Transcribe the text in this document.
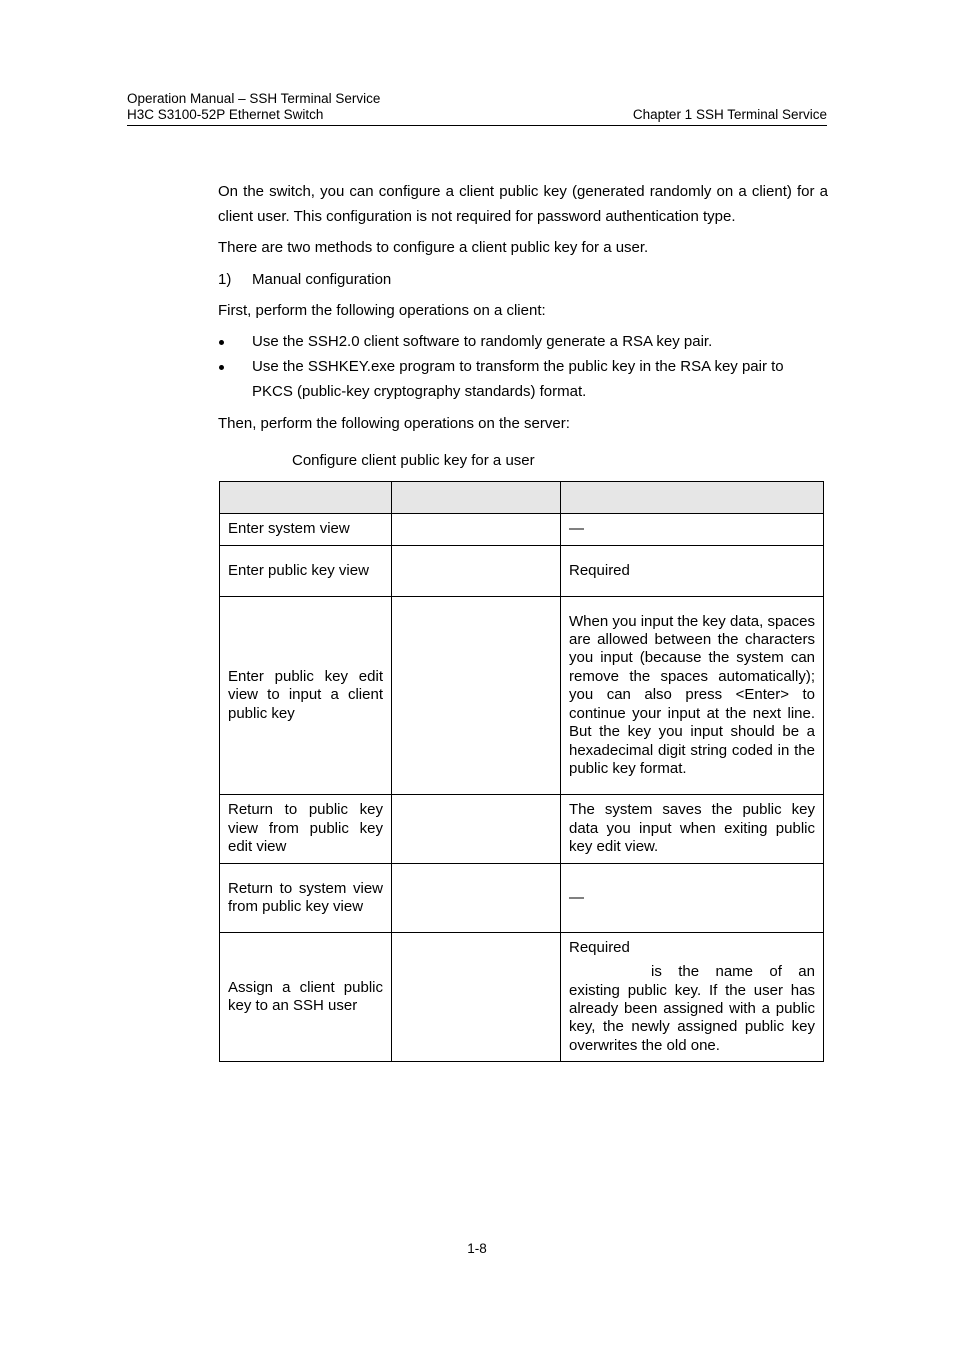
Operation Manual – SSH Terminal Service
H3C S3100-52P Ethernet Switch	Chapter 1 SSH Terminal Service
On the switch, you can configure a client public key (generated randomly on a client) for a client user. This configuration is not required for password authentication type.
There are two methods to configure a client public key for a user.
1) Manual configuration
First, perform the following operations on a client:
Use the SSH2.0 client software to randomly generate a RSA key pair.
Use the SSHKEY.exe program to transform the public key in the RSA key pair to PKCS (public-key cryptography standards) format.
Then, perform the following operations on the server:
Configure client public key for a user

Enter system view		—
Enter public key view		Required
Enter public key edit view to input a client public key		When you input the key data, spaces are allowed between the characters you input (because the system can remove the spaces automatically); you can also press <Enter> to continue your input at the next line. But the key you input should be a hexadecimal digit string coded in the public key format.
Return to public key view from public key edit view		The system saves the public key data you input when exiting public key edit view.
Return to system view from public key view		—
Assign a client public key to an SSH user		Required
is the name of an existing public key. If the user has already been assigned with a public key, the newly assigned public key overwrites the old one.
1-8
